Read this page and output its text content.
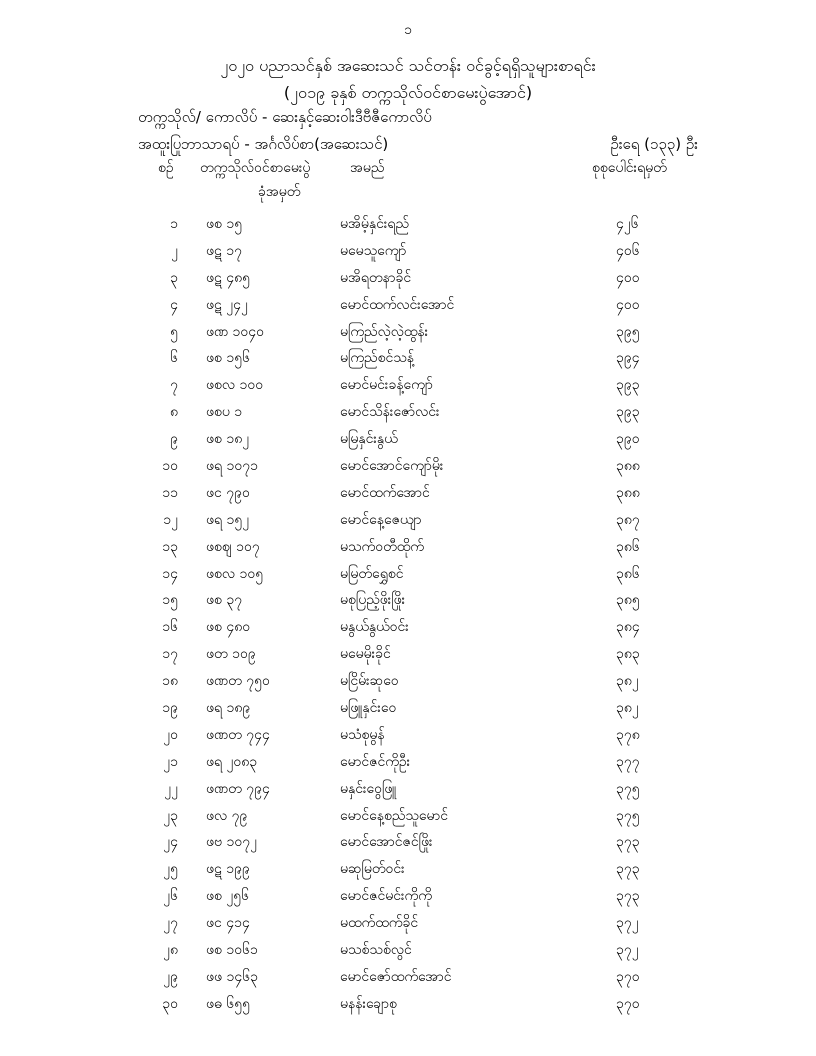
၁
၂၀၂၀ ပညာသင်နှစ် အဆေးသင် သင်တန်း ဝင်ခွင့်ရရှိသူများစာရင်း
(၂၀၁၉ ခုနှစ် တက္ကသိုလ်ဝင်စာမေးပွဲအောင်)
တက္ကသိုလ်/ ကောလိပ် - ဆေးနှင့်ဆေးဝါးဒီဗီဇီကောလိပ်
အထူးပြုဘာသာရပ် - အင်္ဂလိပ်စာ(အဆေးသင်)	ဦးရေ (၁၃၃) ဦး
စဉ် တက္ကသိုလ်ဝင်စာမေးပွဲ
ခုံအမှတ်
အမည်	စုစုပေါင်းရမှတ်
၁ ဖစ ၁၅	မအိမ့်နှင်းရည်	၄၂၆
၂ ဖဋ ၁၇	မမေသူကျော်	၄၀၆
၃ ဖဋ ၄၈၅	မအိရတနာခိုင်	၄၀၀
၄ ဖဋ ၂၄၂	မောင်ထက်လင်းအောင်	၄၀၀
၅ ဖဏ ၁၀၄၀	မကြည်လဲ့လဲ့ထွန်း	၃၉၅
၆ ဖစ ၁၅၆	မကြည်စင်သန့်	၃၉၄
၇ ဖစလ ၁၀၀	မောင်မင်းခန့်ကျော်	၃၉၃
၈ ဖစပ ၁	မောင်သိန်းဇော်လင်း	၃၉၃
၉ ဖစ ၁၈၂	မမြနှင်းနွယ်	၃၉၀
၁၀ ဖရ ၁၀၇၁	မောင်အောင်ကျော်မိုး	၃၈၈
၁၁ ဖင ၇၉၀	မောင်ထက်အောင်	၃၈၈
၁၂ ဖရ ၁၅၂	မောင်နေ့ဇေယျာ	၃၈၇
၁၃ ဖစဈ ၁၀၇	မသက်ဝတီထိုက်	၃၈၆
၁၄ ဖစလ ၁၀၅	မမြတ်ရွှေစင်	၃၈၆
၁၅ ဖစ ၃၇	မစုပြည့်ဖိုးဖြိုး	၃၈၅
၁၆ ဖစ ၄၈၀	မနွယ်နွယ်ဝင်း	၃၈၄
၁၇ ဖတ ၁၀၉	မမေမိုးခိုင်	၃၈၃
၁၈ ဖဏတ ၇၅၀	မငြိမ်းဆုဝေ	၃၈၂
၁၉ ဖရ ၁၈၉	မဖြူနှင်းဝေ	၃၈၂
၂၀ ဖဏတ ၇၄၄	မသံစုမွန်	၃၇၈
၂၁ ဖရ ၂၀၈၃	မောင်ဇင်ကိုဦး	၃၇၇
၂၂ ဖဏတ ၇၉၄	မနှင်းဝွေဖြူ	၃၇၅
၂၃ ဖလ ၇၉	မောင်နေ့စည်သူမောင်	၃၇၅
၂၄ ဖဗ ၁၀၇၂	မောင်အောင်ဇင်ဖြိုး	၃၇၃
၂၅ ဖဋ ၁၉၉	မဆုမြတ်ဝင်း	၃၇၃
၂၆ ဖစ ၂၅၆	မောင်ဇင်မင်းကိုကို	၃၇၃
၂၇ ဖင ၄၁၄	မထက်ထက်ခိုင်	၃၇၂
၂၈ ဖစ ၁၀၆၁	မသစ်သစ်လွင်	၃၇၂
၂၉ ဖဖ ၁၄၆၃	မောင်ဇော်ထက်အောင်	၃၇၀
၃၀ ဖဓ ၆၅၅	မနန်းချောစု	၃၇၀
